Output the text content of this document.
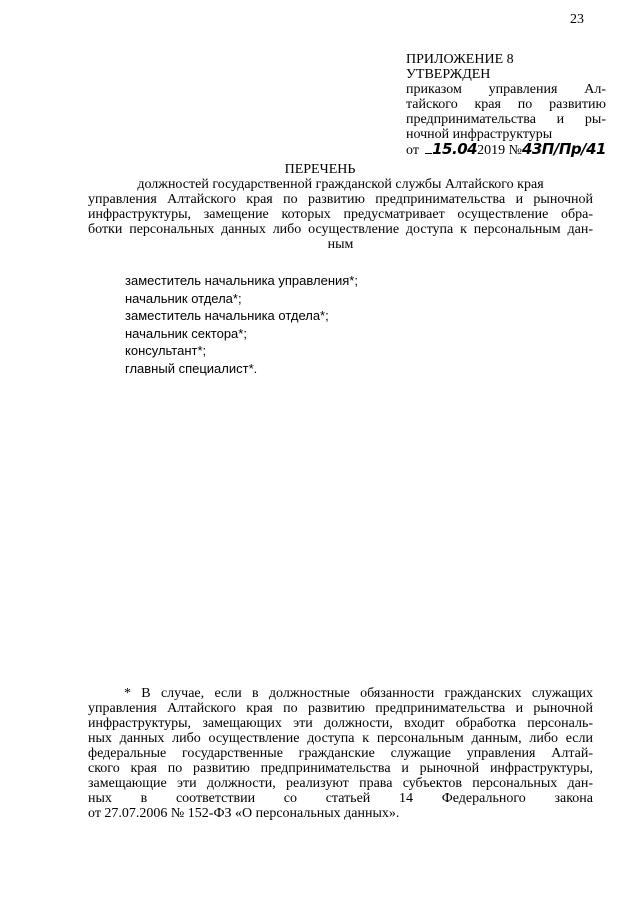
23
ПРИЛОЖЕНИЕ 8
УТВЕРЖДЕН
приказом управления Ал-
тайского края по развитию
предпринимательства и ры-
ночной инфраструктуры
от 15.04 2019 № 43П/Пр/41
ПЕРЕЧЕНЬ
должностей государственной гражданской службы Алтайского края
управления Алтайского края по развитию предпринимательства и рыночной
инфраструктуры, замещение которых предусматривает осуществление обра-
ботки персональных данных либо осуществление доступа к персональным дан-
ным
заместитель начальника управления*;
начальник отдела*;
заместитель начальника отдела*;
начальник сектора*;
консультант*;
главный специалист*.
* В случае, если в должностные обязанности гражданских служащих
управления Алтайского края по развитию предпринимательства и рыночной
инфраструктуры, замещающих эти должности, входит обработка персональ-
ных данных либо осуществление доступа к персональным данным, либо если
федеральные государственные гражданские служащие управления Алтай-
ского края по развитию предпринимательства и рыночной инфраструктуры,
замещающие эти должности, реализуют права субъектов персональных дан-
ных в соответствии со статьей 14 Федерального закона
от 27.07.2006 № 152-ФЗ «О персональных данных».
